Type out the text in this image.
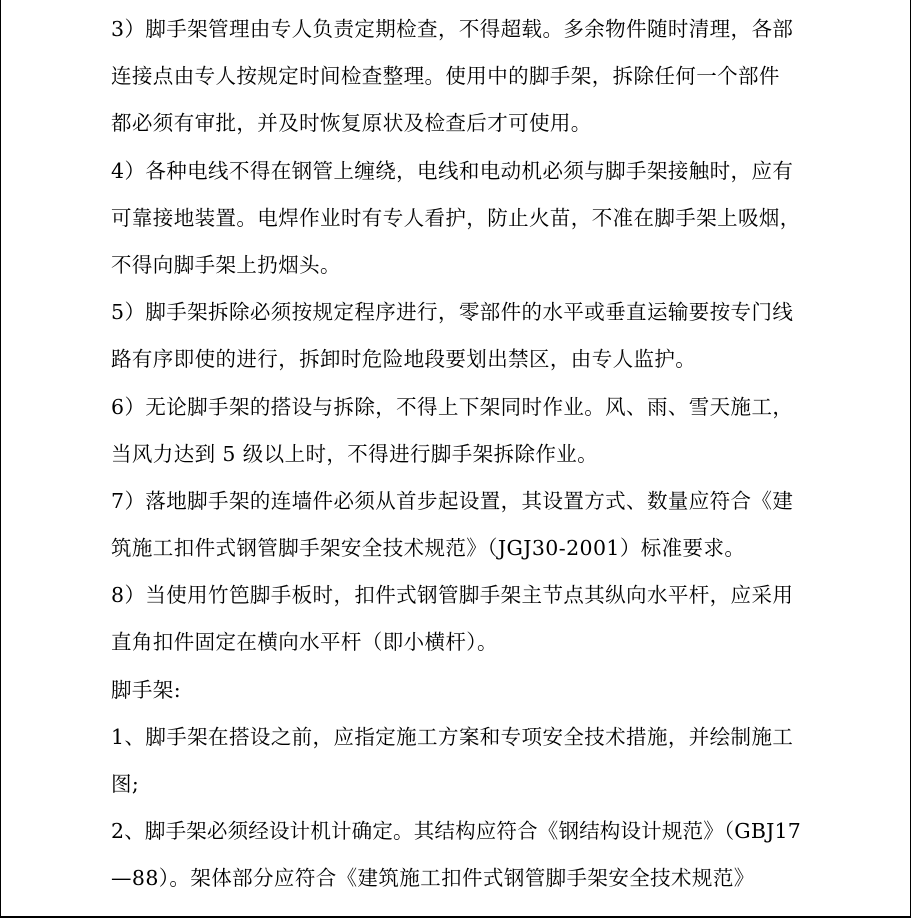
3）脚手架管理由专人负责定期检查，不得超载。多余物件随时清理，各部
连接点由专人按规定时间检查整理。使用中的脚手架，拆除任何一个部件
都必须有审批，并及时恢复原状及检查后才可使用。
4）各种电线不得在钢管上缠绕，电线和电动机必须与脚手架接触时，应有
可靠接地装置。电焊作业时有专人看护，防止火苗，不准在脚手架上吸烟，
不得向脚手架上扔烟头。
5）脚手架拆除必须按规定程序进行，零部件的水平或垂直运输要按专门线
路有序即使的进行，拆卸时危险地段要划出禁区，由专人监护。
6）无论脚手架的搭设与拆除，不得上下架同时作业。风、雨、雪天施工，
当风力达到 5 级以上时，不得进行脚手架拆除作业。
7）落地脚手架的连墙件必须从首步起设置，其设置方式、数量应符合《建
筑施工扣件式钢管脚手架安全技术规范》（JGJ30-2001）标准要求。
8）当使用竹笆脚手板时，扣件式钢管脚手架主节点其纵向水平杆，应采用
直角扣件固定在横向水平杆（即小横杆）。
脚手架:
1、脚手架在搭设之前，应指定施工方案和专项安全技术措施，并绘制施工
图;
2、脚手架必须经设计机计确定。其结构应符合《钢结构设计规范》（GBJ17
—88）。架体部分应符合《建筑施工扣件式钢管脚手架安全技术规范》
